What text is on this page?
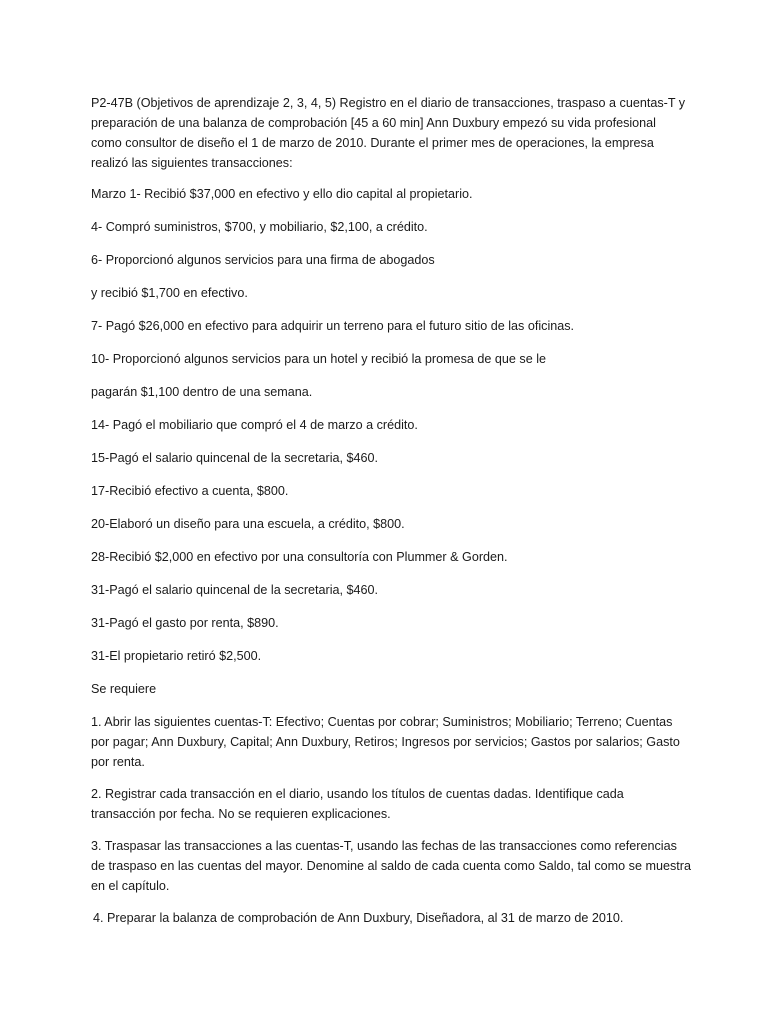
P2-47B (Objetivos de aprendizaje 2, 3, 4, 5) Registro en el diario de transacciones, traspaso a cuentas-T y preparación de una balanza de comprobación [45 a 60 min] Ann Duxbury empezó su vida profesional como consultor de diseño el 1 de marzo de 2010. Durante el primer mes de operaciones, la empresa realizó las siguientes transacciones:

Marzo 1- Recibió $37,000 en efectivo y ello dio capital al propietario.

4- Compró suministros, $700, y mobiliario, $2,100, a crédito.

6- Proporcionó algunos servicios para una firma de abogados

y recibió $1,700 en efectivo.

7- Pagó $26,000 en efectivo para adquirir un terreno para el futuro sitio de las oficinas.

10- Proporcionó algunos servicios para un hotel y recibió la promesa de que se le

pagarán $1,100 dentro de una semana.

14- Pagó el mobiliario que compró el 4 de marzo a crédito.

15-Pagó el salario quincenal de la secretaria, $460.

17-Recibió efectivo a cuenta, $800.

20-Elaboró un diseño para una escuela, a crédito, $800.

28-Recibió $2,000 en efectivo por una consultoría con Plummer & Gorden.

31-Pagó el salario quincenal de la secretaria, $460.

31-Pagó el gasto por renta, $890.

31-El propietario retiró $2,500.

Se requiere

1. Abrir las siguientes cuentas-T: Efectivo; Cuentas por cobrar; Suministros; Mobiliario; Terreno; Cuentas por pagar; Ann Duxbury, Capital; Ann Duxbury, Retiros; Ingresos por servicios; Gastos por salarios; Gasto por renta.

2. Registrar cada transacción en el diario, usando los títulos de cuentas dadas. Identifique cada transacción por fecha. No se requieren explicaciones.

3. Traspasar las transacciones a las cuentas-T, usando las fechas de las transacciones como referencias de traspaso en las cuentas del mayor. Denomine al saldo de cada cuenta como Saldo, tal como se muestra en el capítulo.

4. Preparar la balanza de comprobación de Ann Duxbury, Diseñadora, al 31 de marzo de 2010.
